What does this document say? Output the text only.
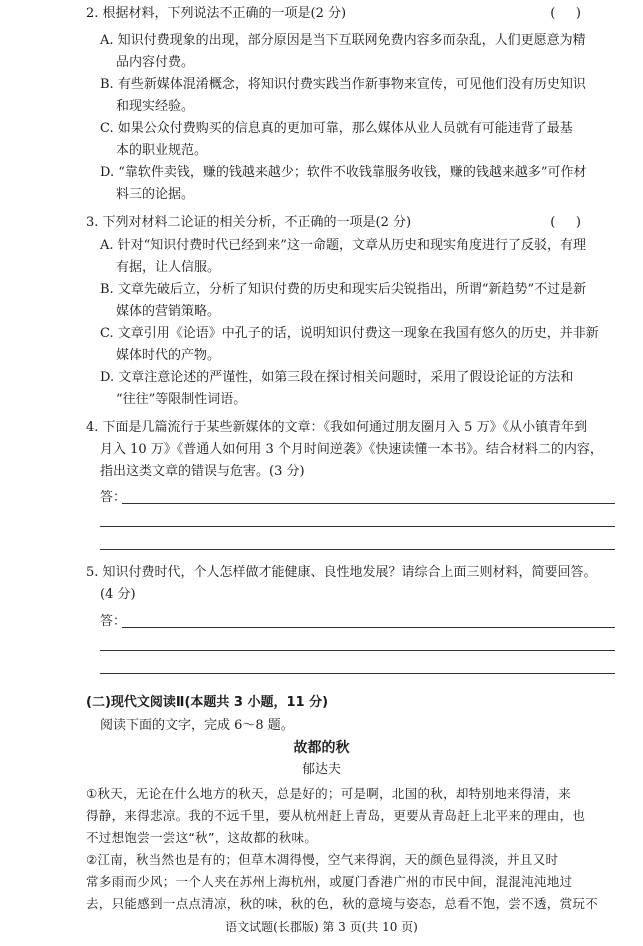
2. 根据材料，下列说法不正确的一项是(2 分)	(     )
A. 知识付费现象的出现，部分原因是当下互联网免费内容多而杂乱，人们更愿意为精
品内容付费。
B. 有些新媒体混淆概念，将知识付费实践当作新事物来宣传，可见他们没有历史知识
和现实经验。
C. 如果公众付费购买的信息真的更加可靠，那么媒体从业人员就有可能违背了最基
本的职业规范。
D. “靠软件卖钱，赚的钱越来越少；软件不收钱靠服务收钱，赚的钱越来越多”可作材
料三的论据。
3. 下列对材料二论证的相关分析，不正确的一项是(2 分)	(     )
A. 针对“知识付费时代已经到来”这一命题，文章从历史和现实角度进行了反驳，有理
有据，让人信服。
B. 文章先破后立，分析了知识付费的历史和现实后尖锐指出，所谓“新趋势”不过是新
媒体的营销策略。
C. 文章引用《论语》中孔子的话，说明知识付费这一现象在我国有悠久的历史，并非新
媒体时代的产物。
D. 文章注意论述的严谨性，如第三段在探讨相关问题时，采用了假设论证的方法和
“往往”等限制性词语。
4. 下面是几篇流行于某些新媒体的文章：《我如何通过朋友圈月入 5 万》《从小镇青年到
月入 10 万》《普通人如何用 3 个月时间逆袭》《快速读懂一本书》。结合材料二的内容，
指出这类文章的错误与危害。(3 分)
答：
5. 知识付费时代，个人怎样做才能健康、良性地发展？请综合上面三则材料，简要回答。
(4 分)
答：
(二)现代文阅读Ⅱ(本题共 3 小题，11 分)
阅读下面的文字，完成 6～8 题。
故都的秋
郁达夫
①秋天，无论在什么地方的秋天，总是好的；可是啊，北国的秋，却特别地来得清，来
得静，来得悲凉。我的不远千里，要从杭州赶上青岛，更要从青岛赶上北平来的理由，也
不过想饱尝一尝这“秋”，这故都的秋味。
②江南，秋当然也是有的；但草木凋得慢，空气来得润，天的颜色显得淡，并且又时
常多雨而少风；一个人夹在苏州上海杭州，或厦门香港广州的市民中间，混混沌沌地过
去，只能感到一点点清凉，秋的味，秋的色，秋的意境与姿态，总看不饱，尝不透，赏玩不
语文试题(长郡版) 第 3 页(共 10 页)
